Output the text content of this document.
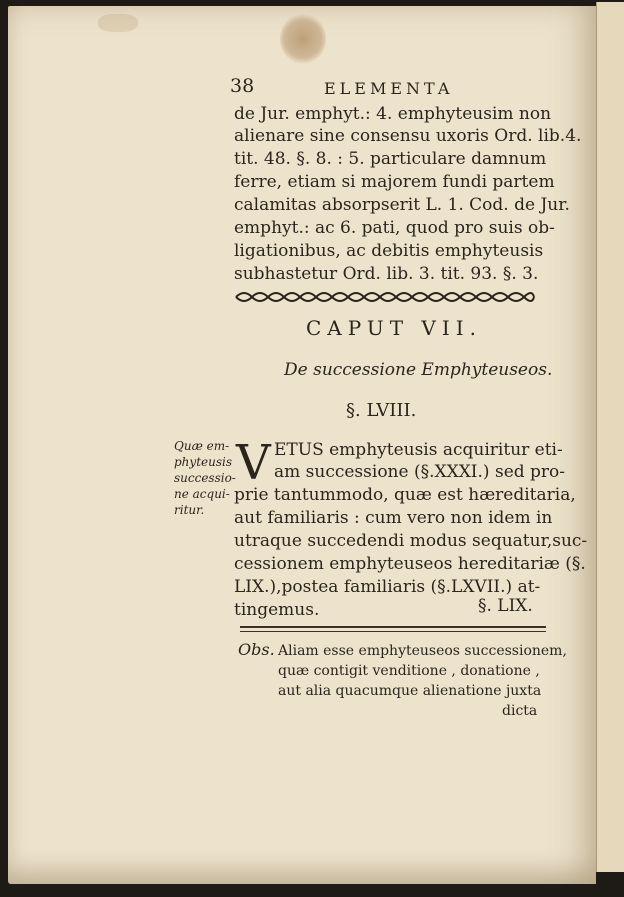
38	ELEMENTA
de Jur. emphyt.: 4. emphyteusim non
alienare sine consensu uxoris Ord. lib.4.
tit. 48. §. 8. : 5. particulare damnum
ferre, etiam si majorem fundi partem
calamitas absorpserit L. 1. Cod. de Jur.
emphyt.: ac 6. pati, quod pro suis ob-
ligationibus, ac debitis emphyteusis
subhastetur Ord. lib. 3. tit. 93. §. 3.
CAPUT VII.
De successione Emphyteuseos.
§. LVIII.
Quæ em-
phyteusis
successio-
ne acqui-
ritur.
V ETUS emphyteusis acquiritur eti-
am successione (§.XXXI.) sed pro-
prie tantummodo, quæ est hæreditaria,
aut familiaris : cum vero non idem in
utraque succedendi modus sequatur,suc-
cessionem emphyteuseos hereditariæ (§.
LIX.),postea familiaris (§.LXVII.) at-
tingemus.	§. LIX.
Obs. Aliam esse emphyteuseos successionem,
quæ contigit venditione , donatione ,
aut alia quacumque alienatione juxta
dicta
